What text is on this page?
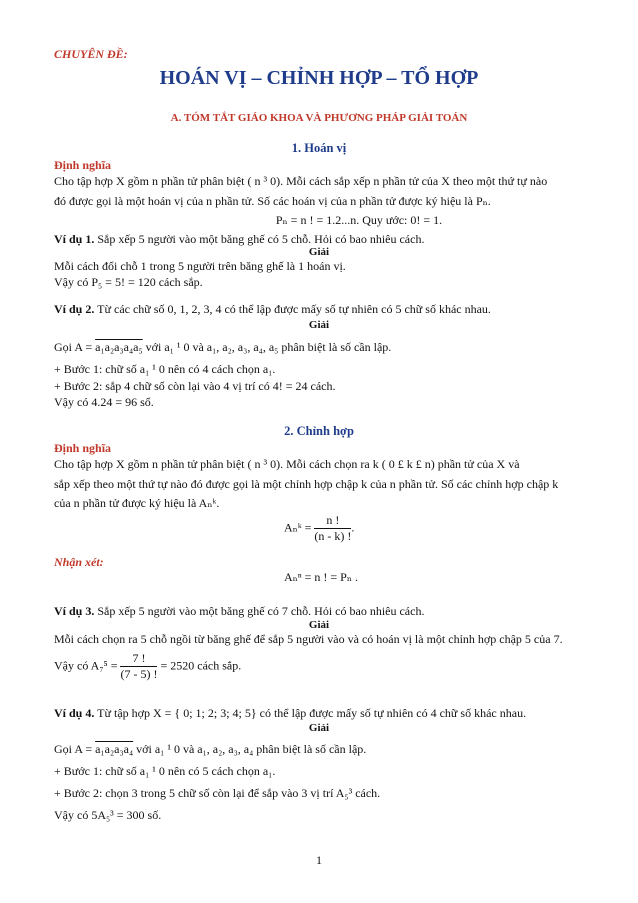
CHUYÊN ĐỀ:
HOÁN VỊ – CHỈNH HỢP – TỔ HỢP
A. TÓM TẮT GIÁO KHOA VÀ PHƯƠNG PHÁP GIẢI TOÁN
1. Hoán vị
Định nghĩa
Cho tập hợp X gồm n phần tử phân biệt ( n ³ 0). Mỗi cách sắp xếp n phần tử của X theo một thứ tự nào
đó được gọi là một hoán vị của n phần tử. Số các hoán vị của n phần tử được ký hiệu là Pₙ.
Pₙ = n ! = 1.2...n. Quy ước: 0! = 1.
Ví dụ 1. Sắp xếp 5 người vào một băng ghế có 5 chỗ. Hỏi có bao nhiêu cách.
Giải
Mỗi cách đổi chỗ 1 trong 5 người trên băng ghế là 1 hoán vị.
Vậy có P₅ = 5! = 120 cách sắp.
Ví dụ 2. Từ các chữ số 0, 1, 2, 3, 4 có thể lập được mấy số tự nhiên có 5 chữ số khác nhau.
Giải
Gọi A = a₁a₂a₃a₄a₅ với a₁ ¹ 0 và a₁, a₂, a₃, a₄, a₅ phân biệt là số cần lập.
+ Bước 1: chữ số a₁ ¹ 0 nên có 4 cách chọn a₁.
+ Bước 2: sắp 4 chữ số còn lại vào 4 vị trí có 4! = 24 cách.
Vậy có 4.24 = 96 số.
2. Chỉnh hợp
Định nghĩa
Cho tập hợp X gồm n phần tử phân biệt ( n ³ 0). Mỗi cách chọn ra k ( 0 £ k £ n) phần tử của X và
sắp xếp theo một thứ tự nào đó được gọi là một chỉnh hợp chập k của n phần tử. Số các chỉnh hợp chập k
của n phần tử được ký hiệu là Aₙᵏ.
Aₙᵏ = $\frac{n !}{(n - k) !}$ .
Nhận xét:
Aₙⁿ = n ! = Pₙ .
Ví dụ 3. Sắp xếp 5 người vào một băng ghế có 7 chỗ. Hỏi có bao nhiêu cách.
Giải
Mỗi cách chọn ra 5 chỗ ngồi từ băng ghế để sắp 5 người vào và có hoán vị là một chỉnh hợp chập 5 của 7.
Vậy có $A_7^5 = \frac{7 !}{(7 - 5) !} = 2520$ cách sắp.
Ví dụ 4. Từ tập hợp X = { 0; 1; 2; 3; 4; 5} có thể lập được mấy số tự nhiên có 4 chữ số khác nhau.
Giải
Gọi A = a₁a₂a₃a₄ với a₁ ¹ 0 và a₁, a₂, a₃, a₄ phân biệt là số cần lập.
+ Bước 1: chữ số a₁ ¹ 0 nên có 5 cách chọn a₁.
+ Bước 2: chọn 3 trong 5 chữ số còn lại để sắp vào 3 vị trí A₅³ cách.
Vậy có 5A₅³ = 300 số.
1
